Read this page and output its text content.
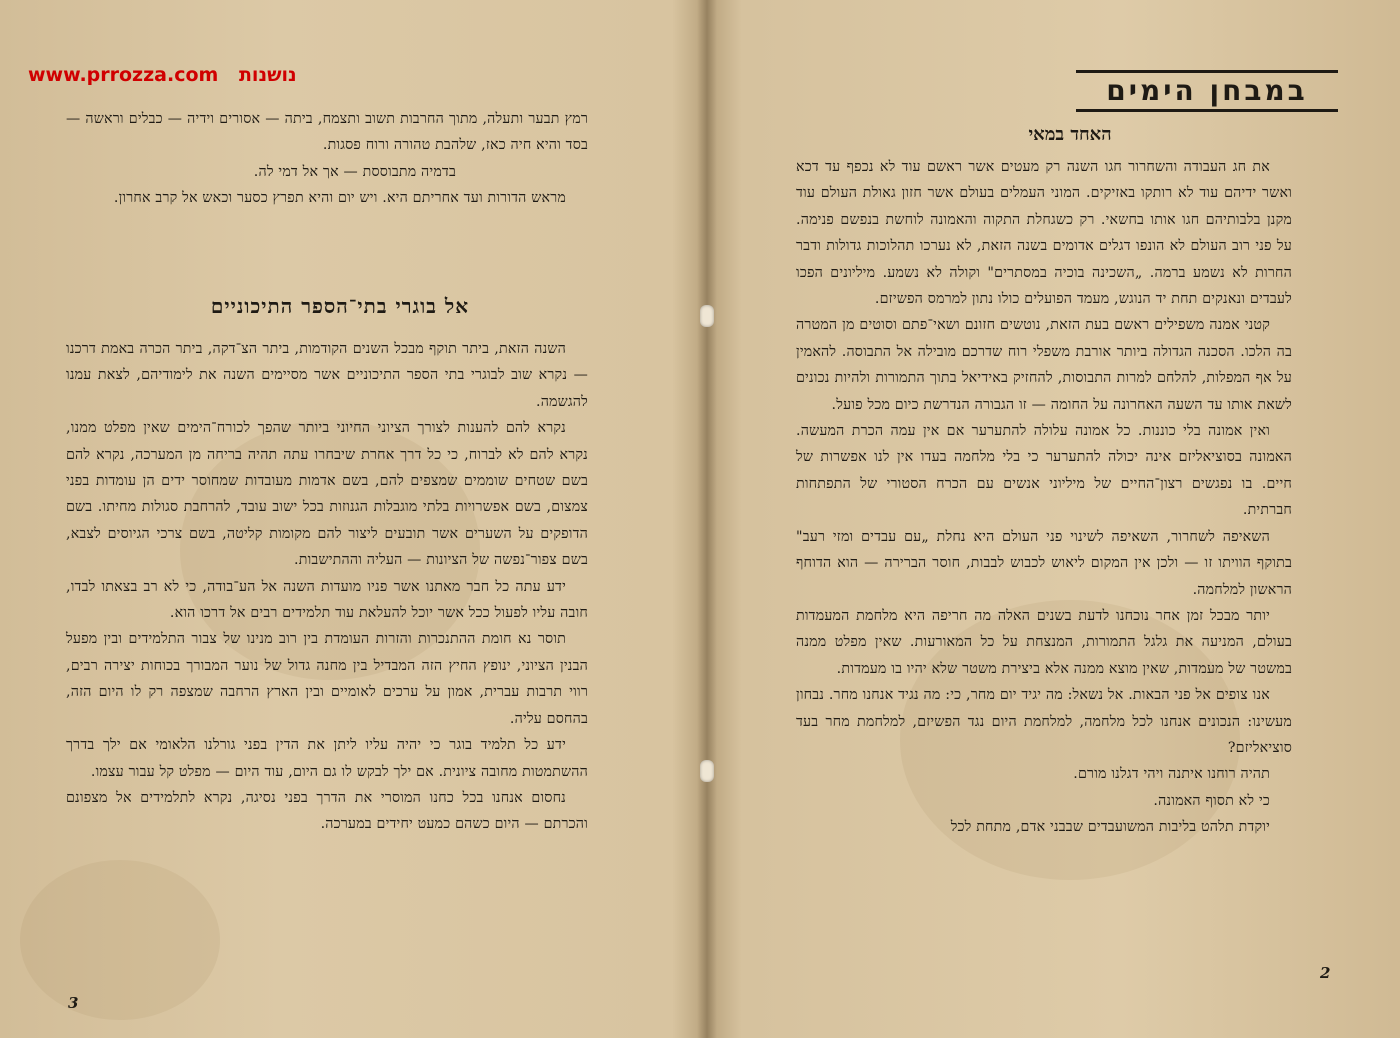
www.prrozza.com נושנות

רמץ תבער ותעלה, מתוך החרבות תשוב ותצמח, ביתה — אסורים וידיה — כבלים וראשה — בסד והיא חיה כאז, שלהבת טהורה ורוח פסגות.

בדמיה מתבוססת — אך אל דמי לה.

מראש הדורות ועד אחריתם היא. ויש יום והיא תפרץ כסער וכאש אל קרב אחרון.

אל בוגרי בתי־הספר התיכוניים

השנה הזאת, ביתר תוקף מבכל השנים הקודמות, ביתר הצ־דקה, ביתר הכרה באמת דרכנו — נקרא שוב לבוגרי בתי הספר התיכוניים אשר מסיימים השנה את לימודיהם, לצאת עמנו להגשמה.

נקרא להם להענות לצורך הציוני החיוני ביותר שהפך לכורח־הימים שאין מפלט ממנו, נקרא להם לא לברוח, כי כל דרך אחרת שיבחרו עתה תהיה בריחה מן המערכה, נקרא להם בשם שטחים שוממים שמצפים להם, בשם אדמות מעובדות שמחוסר ידים הן עומדות בפני צמצום, בשם אפשרויות בלתי מוגבלות הגנוזות בכל ישוב עובד, להרחבת סגולות מחיתו. בשם הדופקים על השערים אשר תובעים ליצור להם מקומות קליטה, בשם צרכי הגיוסים לצבא, בשם צפור־נפשה של הציונות — העליה וההתישבות.

ידע עתה כל חבר מאתנו אשר פניו מועדות השנה אל הע־בודה, כי לא רב בצאתו לבדו, חובה עליו לפעול ככל אשר יוכל להעלאת עוד תלמידים רבים אל דרכו הוא.

תוסר נא חומת ההתנכרות והזרות העומדת בין רוב מנינו של צבור התלמידים ובין מפעל הבנין הציוני, ינופץ החיץ הזה המבדיל בין מחנה גדול של נוער המבורך בכוחות יצירה רבים, רווי תרבות עברית, אמון על ערכים לאומיים ובין הארץ הרחבה שמצפה רק לו היום הזה, בהחסם עליה.

ידע כל תלמיד בוגר כי יהיה עליו ליתן את הדין בפני גורלנו הלאומי אם ילך בדרך ההשתמטות מחובה ציונית. אם ילך לבקש לו גם היום, עוד היום — מפלט קל עבור עצמו.

נחסום אנחנו בכל כחנו המוסרי את הדרך בפני נסיגה, נקרא לתלמידים אל מצפונם והכרתם — היום כשהם כמעט יחידים במערכה.

3
במבחן הימים
האחד במאי

את חג העבודה והשחרור חגו השנה רק מעטים אשר ראשם עוד לא נכפף עד דכא ואשר ידיהם עוד לא רותקו באזיקים. המוני העמלים בעולם אשר חזון גאולת העולם עוד מקנן בלבותיהם חגו אותו בחשאי. רק כשגחלת התקוה והאמונה לוחשת בנפשם פנימה. על פני רוב העולם לא הונפו דגלים אדומים בשנה הזאת, לא נערכו תהלוכות גדולות ודבר החרות לא נשמע ברמה. „השכינה בוכיה במסתרים" וקולה לא נשמע. מיליונים הפכו לעבדים ונאנקים תחת יד הנוגש, מעמד הפועלים כולו נתון למרמס הפשיזם.

קטני אמנה משפילים ראשם בעת הזאת, נוטשים חזונם ושאי־פתם וסוטים מן המטרה בה הלכו. הסכנה הגדולה ביותר אורבת משפלי רוח שדרכם מובילה אל התבוסה. להאמין על אף המפלות, להלחם למרות התבוסות, להחזיק באידיאל בתוך התמורות ולהיות נכונים לשאת אותו עד השעה האחרונה על החומה — זו הגבורה הנדרשת כיום מכל פועל.

ואין אמונה בלי כוננות. כל אמונה עלולה להתערער אם אין עמה הכרת המעשה. האמונה בסוציאליזם אינה יכולה להתערער כי בלי מלחמה בעדו אין לנו אפשרות של חיים. בו נפגשים רצון־החיים של מיליוני אנשים עם הכרח הסטורי של התפתחות חברתית.

השאיפה לשחרור, השאיפה לשינוי פני העולם היא נחלת „עם עבדים ומזי רעב" בתוקף הוויתו זו — ולכן אין המקום ליאוש לכבוש לבבות, חוסר הברירה — הוא הדוחף הראשון למלחמה.

יותר מבכל זמן אחר נוכחנו לדעת בשנים האלה מה חריפה היא מלחמת המעמדות בעולם, המניעה את גלגל התמורות, המנצחת על כל המאורעות. שאין מפלט ממנה במשטר של מעמדות, שאין מוצא ממנה אלא ביצירת משטר שלא יהיו בו מעמדות.

אנו צופים אל פני הבאות. אל נשאל: מה יגיד יום מחר, כי: מה נגיד אנחנו מחר. נבחון מעשינו: הנכונים אנחנו לכל מלחמה, למלחמת היום נגד הפשיזם, למלחמת מחר בעד סוציאליזם?

תהיה רוחנו איתנה ויהי דגלנו מורם.

כי לא תסוף האמונה.

יוקדת תלהט בליבות המשועבדים שבבני אדם, מתחת לכל

2
